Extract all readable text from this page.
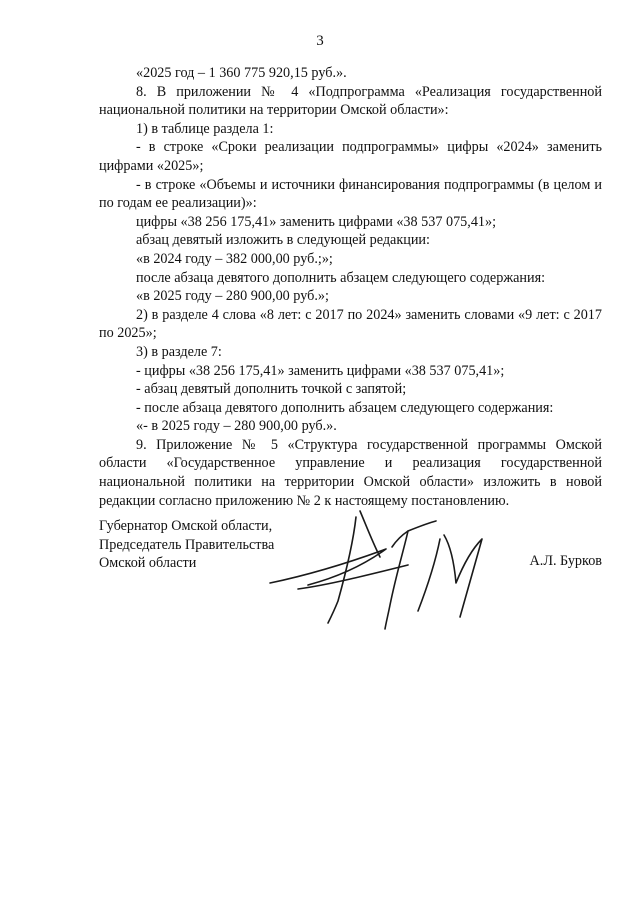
3

«2025 год – 1 360 775 920,15 руб.».

8. В приложении № 4 «Подпрограмма «Реализация государственной национальной политики на территории Омской области»:

1) в таблице раздела 1:

- в строке «Сроки реализации подпрограммы» цифры «2024» заменить цифрами «2025»;

- в строке «Объемы и источники финансирования подпрограммы (в целом и по годам ее реализации)»:

цифры «38 256 175,41» заменить цифрами «38 537 075,41»;

абзац девятый изложить в следующей редакции:

«в 2024 году – 382 000,00 руб.;»;

после абзаца девятого дополнить абзацем следующего содержания:

«в 2025 году – 280 900,00 руб.»;

2) в разделе 4 слова «8 лет: с 2017 по 2024» заменить словами «9 лет: с 2017 по 2025»;

3) в разделе 7:

- цифры «38 256 175,41» заменить цифрами «38 537 075,41»;

- абзац девятый дополнить точкой с запятой;

- после абзаца девятого дополнить абзацем следующего содержания:

«- в 2025 году – 280 900,00 руб.».

9. Приложение № 5 «Структура государственной программы Омской области «Государственное управление и реализация государственной национальной политики на территории Омской области» изложить в новой редакции согласно приложению № 2 к настоящему постановлению.

Губернатор Омской области,
Председатель Правительства
Омской области	А.Л. Бурков
